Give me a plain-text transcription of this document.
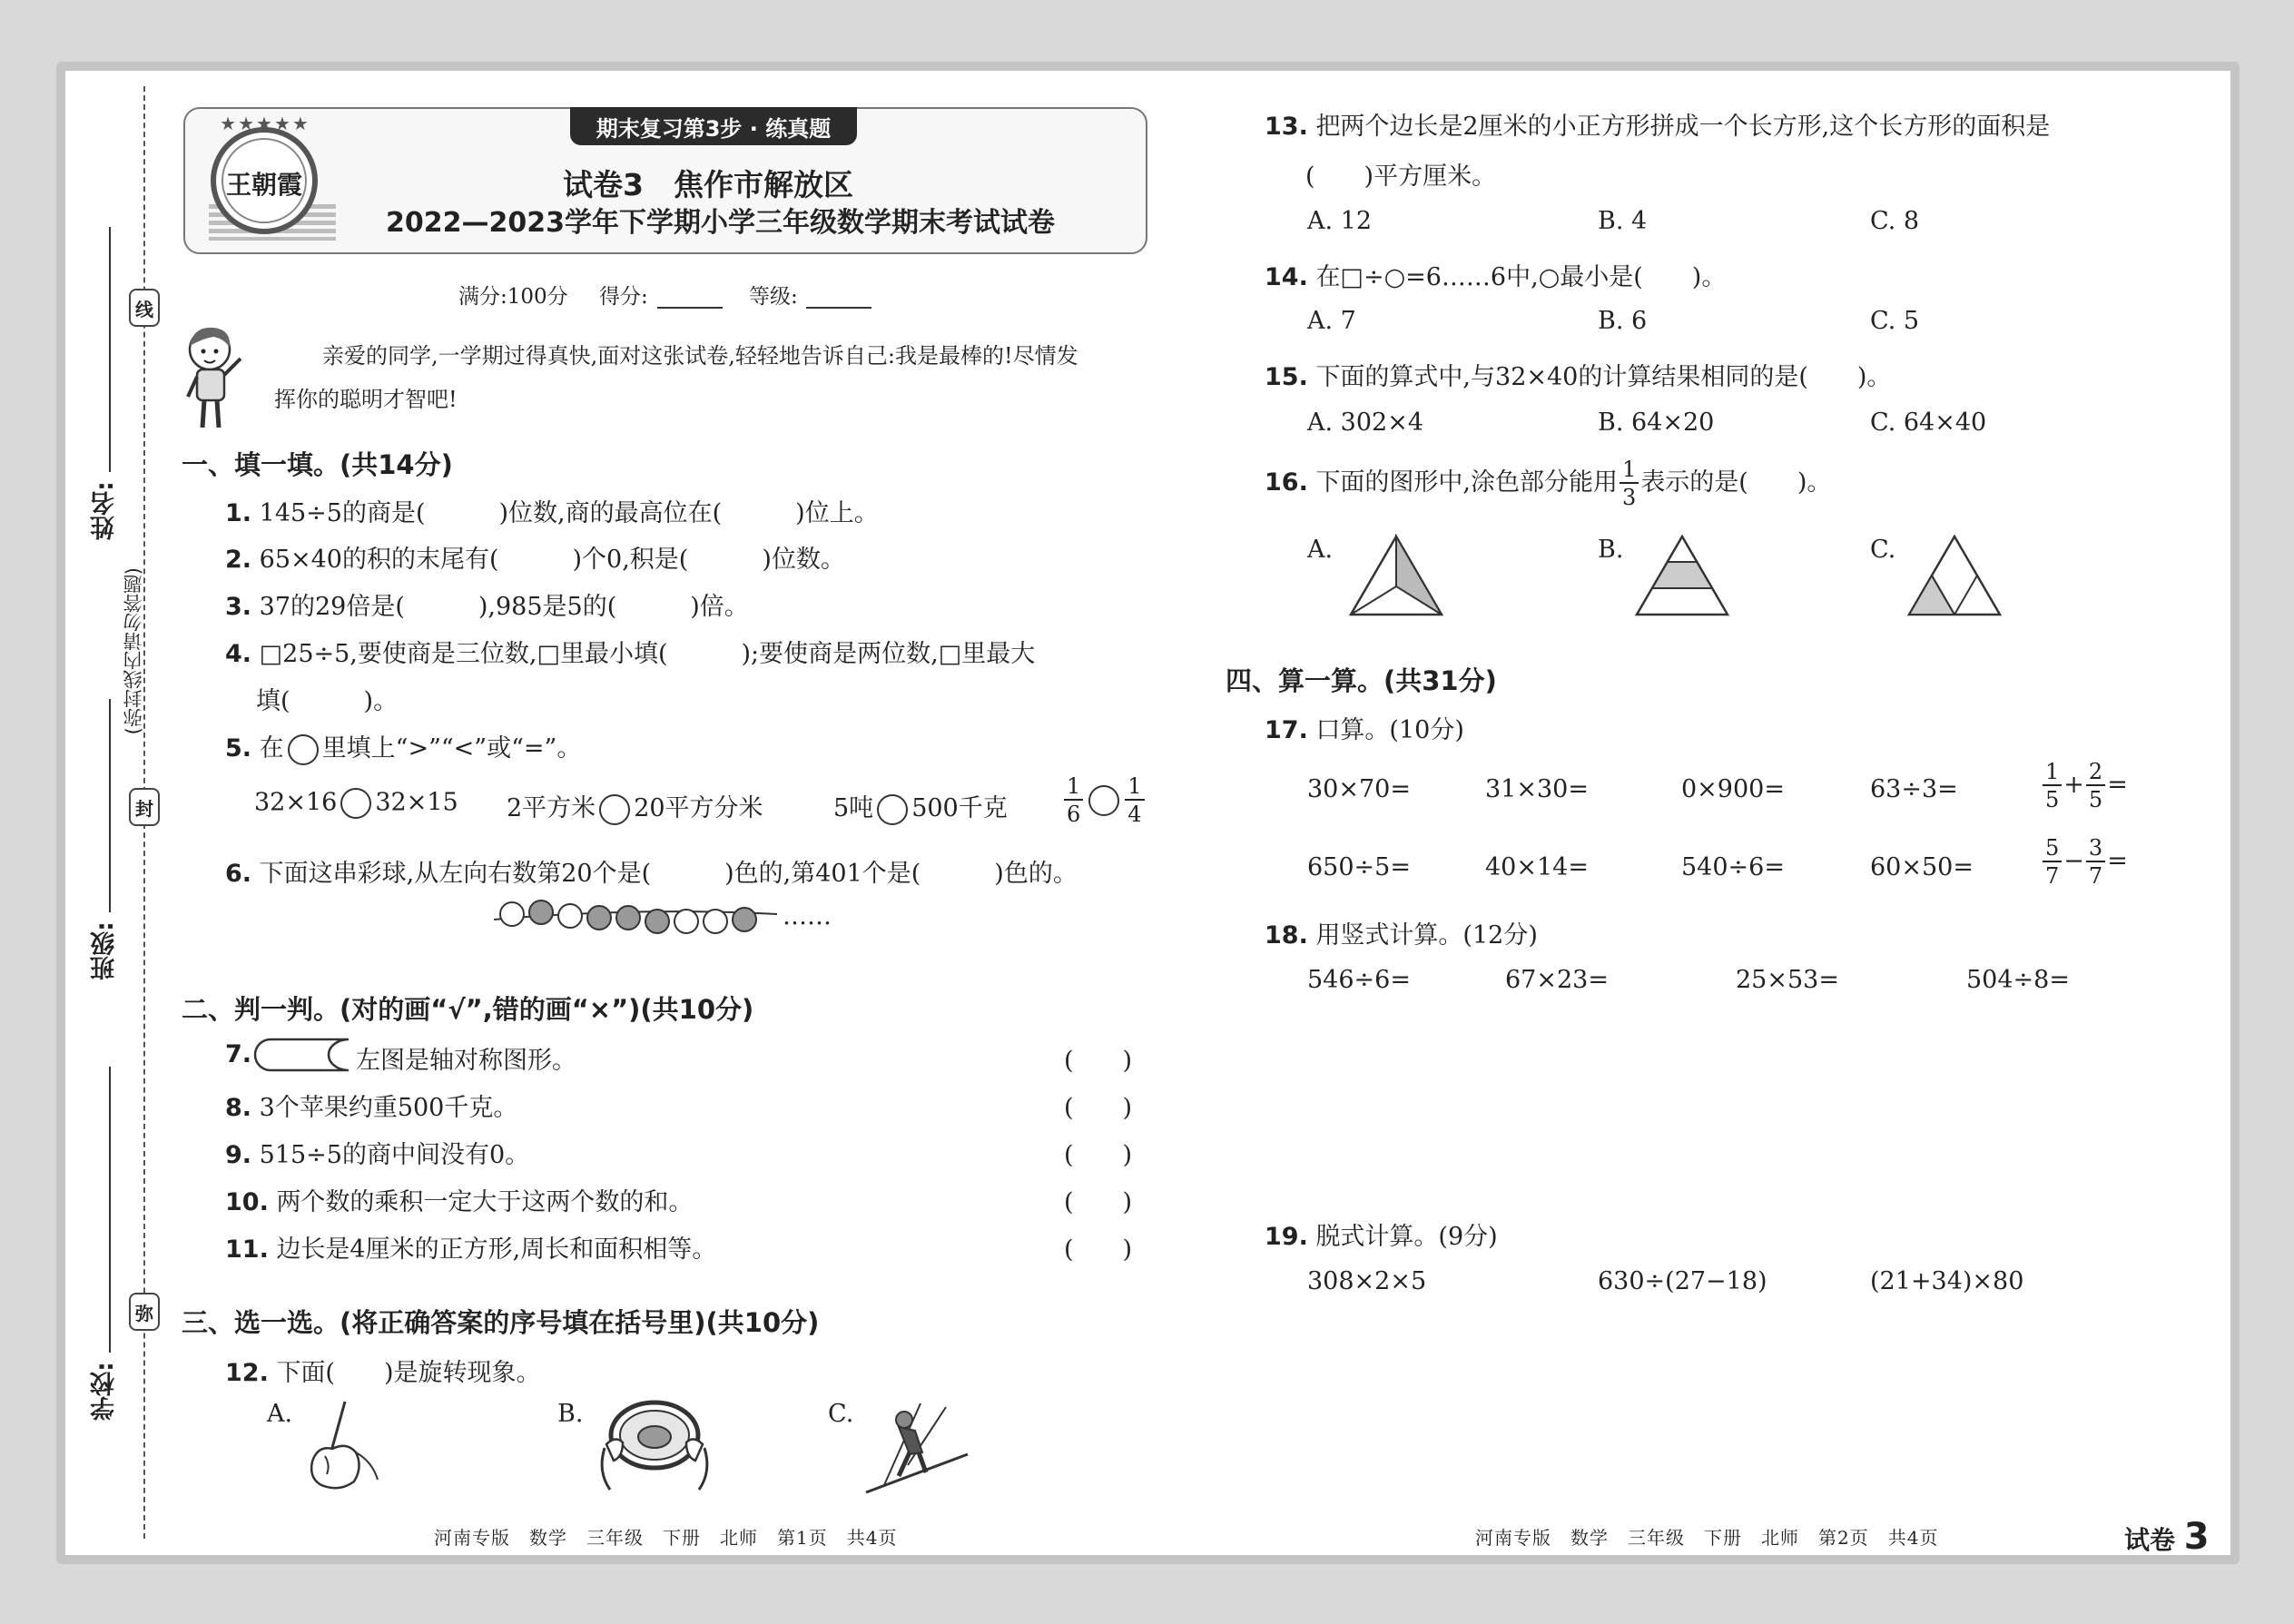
线
封
弥
(弥封线内请勿答题)
姓名:
班级:
学校:
王朝霞
★★★★★	期末复习第3步 · 练真题
试卷3　焦作市解放区
2022—2023学年下学期小学三年级数学期末考试试卷
满分:100分 得分:	等级:
亲爱的同学,一学期过得真快,面对这张试卷,轻轻地告诉自己:我是最棒的!尽情发
挥你的聪明才智吧!
一、填一填。(共14分)
1. 145÷5的商是(　　　)位数,商的最高位在(　　　)位上。
2. 65×40的积的末尾有(　　　)个0,积是(　　　)位数。
3. 37的29倍是(　　　),985是5的(　　　)倍。
4. □25÷5,要使商是三位数,□里最小填(　　　);要使商是两位数,□里最大
填(　　　)。
5. 在 里填上“>”“<”或“=”。
32×16 32×15 2平方米 20平方分米	5吨 500千克	$\frac{1}{6} \frac{1}{4}$
6. 下面这串彩球,从左向右数第20个是(　　　)色的,第401个是(　　　)色的。
……
二、判一判。(对的画“√”,错的画“×”)(共10分)
7.	左图是轴对称图形。	(　　)
8. 3个苹果约重500千克。	(　　)
9. 515÷5的商中间没有0。	(　　)
10. 两个数的乘积一定大于这两个数的和。	(　　)
11. 边长是4厘米的正方形,周长和面积相等。	(　　)
三、选一选。(将正确答案的序号填在括号里)(共10分)
12. 下面(　　)是旋转现象。
A.	B.	C.
河南专版　数学　三年级　下册　北师　第1页　共4页
13. 把两个边长是2厘米的小正方形拼成一个长方形,这个长方形的面积是
(　　)平方厘米。
A. 12	B. 4	C. 8
14. 在□÷○=6……6中,○最小是(　　)。
A. 7	B. 6	C. 5
15. 下面的算式中,与32×40的计算结果相同的是(　　)。
A. 302×4	B. 64×20	C. 64×40
16. 下面的图形中,涂色部分能用 $\frac{1}{3}$ 表示的是(　　)。
A.	B.	C.
四、算一算。(共31分)
17. 口算。(10分)
30×70=	31×30=	0×900=	63÷3=	$\frac{1}{5} + \frac{2}{5}$ =
650÷5=	40×14=	540÷6=	60×50=	$\frac{5}{7} - \frac{3}{7}$ =
18. 用竖式计算。(12分)
546÷6=	67×23=	25×53=	504÷8=
19. 脱式计算。(9分)
308×2×5	630÷(27−18)	(21+34)×80
河南专版　数学　三年级　下册　北师　第2页　共4页	试卷 3
